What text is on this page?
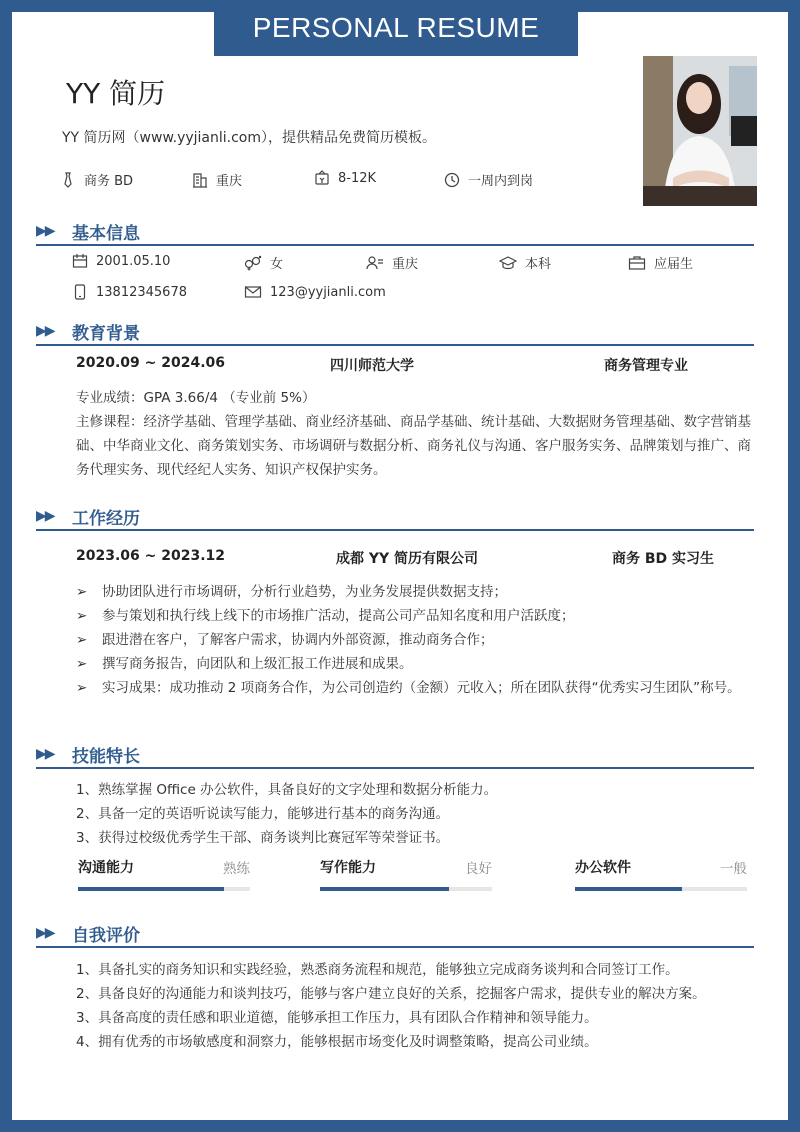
PERSONAL RESUME
YY 简历
YY 简历网（www.yyjianli.com），提供精品免费简历模板。
商务 BD	重庆	8-12K	一周内到岗
▶▶	基本信息
2001.05.10	女	重庆	本科	应届生
13812345678	123@yyjianli.com
▶▶	教育背景
2020.09 ~ 2024.06	四川师范大学	商务管理专业
专业成绩：GPA 3.66/4 （专业前 5%）
主修课程：经济学基础、管理学基础、商业经济基础、商品学基础、统计基础、大数据财务管理基础、数字营销基础、中华商业文化、商务策划实务、市场调研与数据分析、商务礼仪与沟通、客户服务实务、品牌策划与推广、商务代理实务、现代经纪人实务、知识产权保护实务。
▶▶	工作经历
2023.06 ~ 2023.12	成都 YY 简历有限公司	商务 BD 实习生
➢ 协助团队进行市场调研，分析行业趋势，为业务发展提供数据支持；
➢ 参与策划和执行线上线下的市场推广活动，提高公司产品知名度和用户活跃度；
➢ 跟进潜在客户，了解客户需求，协调内外部资源，推动商务合作；
➢ 撰写商务报告，向团队和上级汇报工作进展和成果。
➢ 实习成果：成功推动 2 项商务合作，为公司创造约（金额）元收入；所在团队获得“优秀实习生团队”称号。
▶▶	技能特长
1、熟练掌握 Office 办公软件，具备良好的文字处理和数据分析能力。
2、具备一定的英语听说读写能力，能够进行基本的商务沟通。
3、获得过校级优秀学生干部、商务谈判比赛冠军等荣誉证书。
沟通能力	熟练	写作能力	良好	办公软件	一般
▶▶	自我评价
1、具备扎实的商务知识和实践经验，熟悉商务流程和规范，能够独立完成商务谈判和合同签订工作。
2、具备良好的沟通能力和谈判技巧，能够与客户建立良好的关系，挖掘客户需求，提供专业的解决方案。
3、具备高度的责任感和职业道德，能够承担工作压力，具有团队合作精神和领导能力。
4、拥有优秀的市场敏感度和洞察力，能够根据市场变化及时调整策略，提高公司业绩。
